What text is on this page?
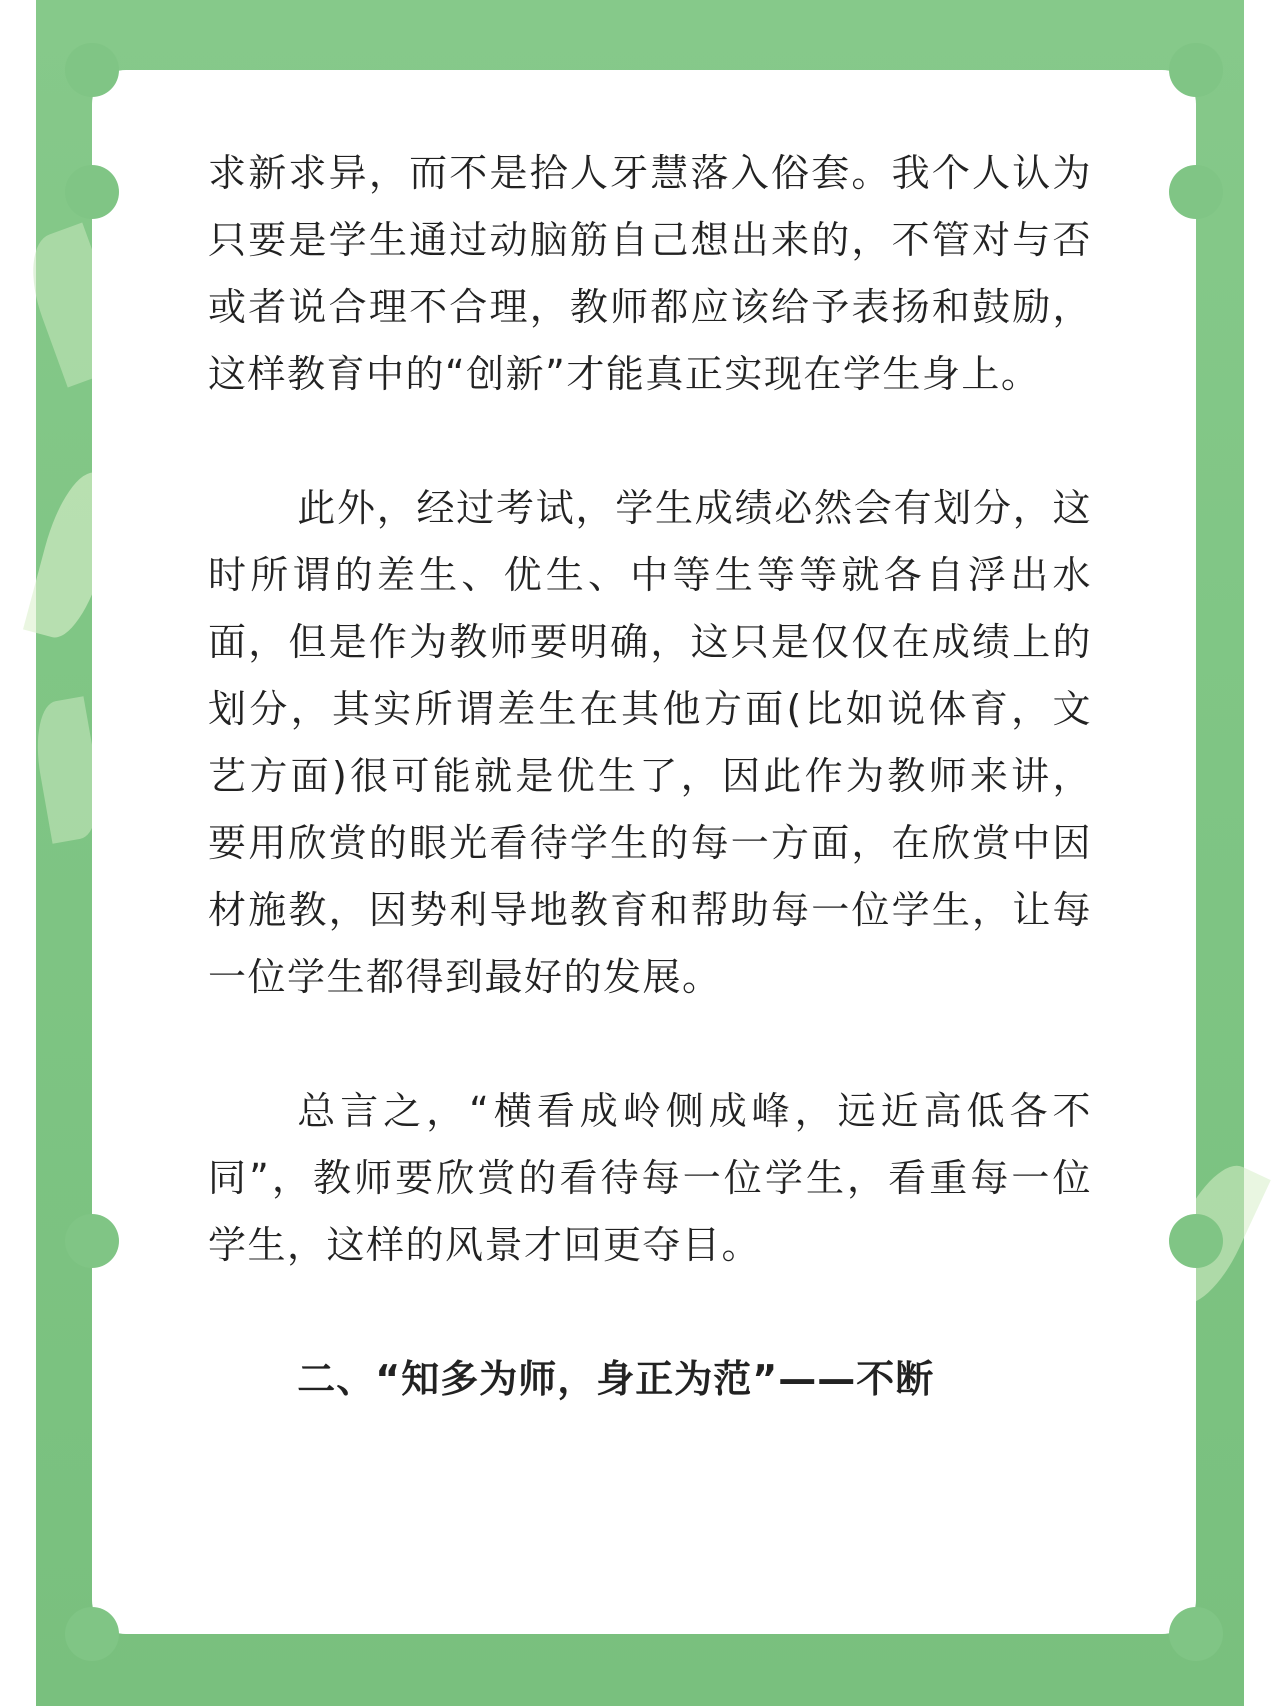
求新求异，而不是拾人牙慧落入俗套。我个人认为只要是学生通过动脑筋自己想出来的，不管对与否或者说合理不合理，教师都应该给予表扬和鼓励，这样教育中的“创新”才能真正实现在学生身上。

此外，经过考试，学生成绩必然会有划分，这时所谓的差生、优生、中等生等等就各自浮出水面，但是作为教师要明确，这只是仅仅在成绩上的划分，其实所谓差生在其他方面(比如说体育，文艺方面)很可能就是优生了，因此作为教师来讲，要用欣赏的眼光看待学生的每一方面，在欣赏中因材施教，因势利导地教育和帮助每一位学生，让每一位学生都得到最好的发展。

总言之，“横看成岭侧成峰，远近高低各不同”，教师要欣赏的看待每一位学生，看重每一位学生，这样的风景才回更夺目。

二、“知多为师，身正为范”——不断
